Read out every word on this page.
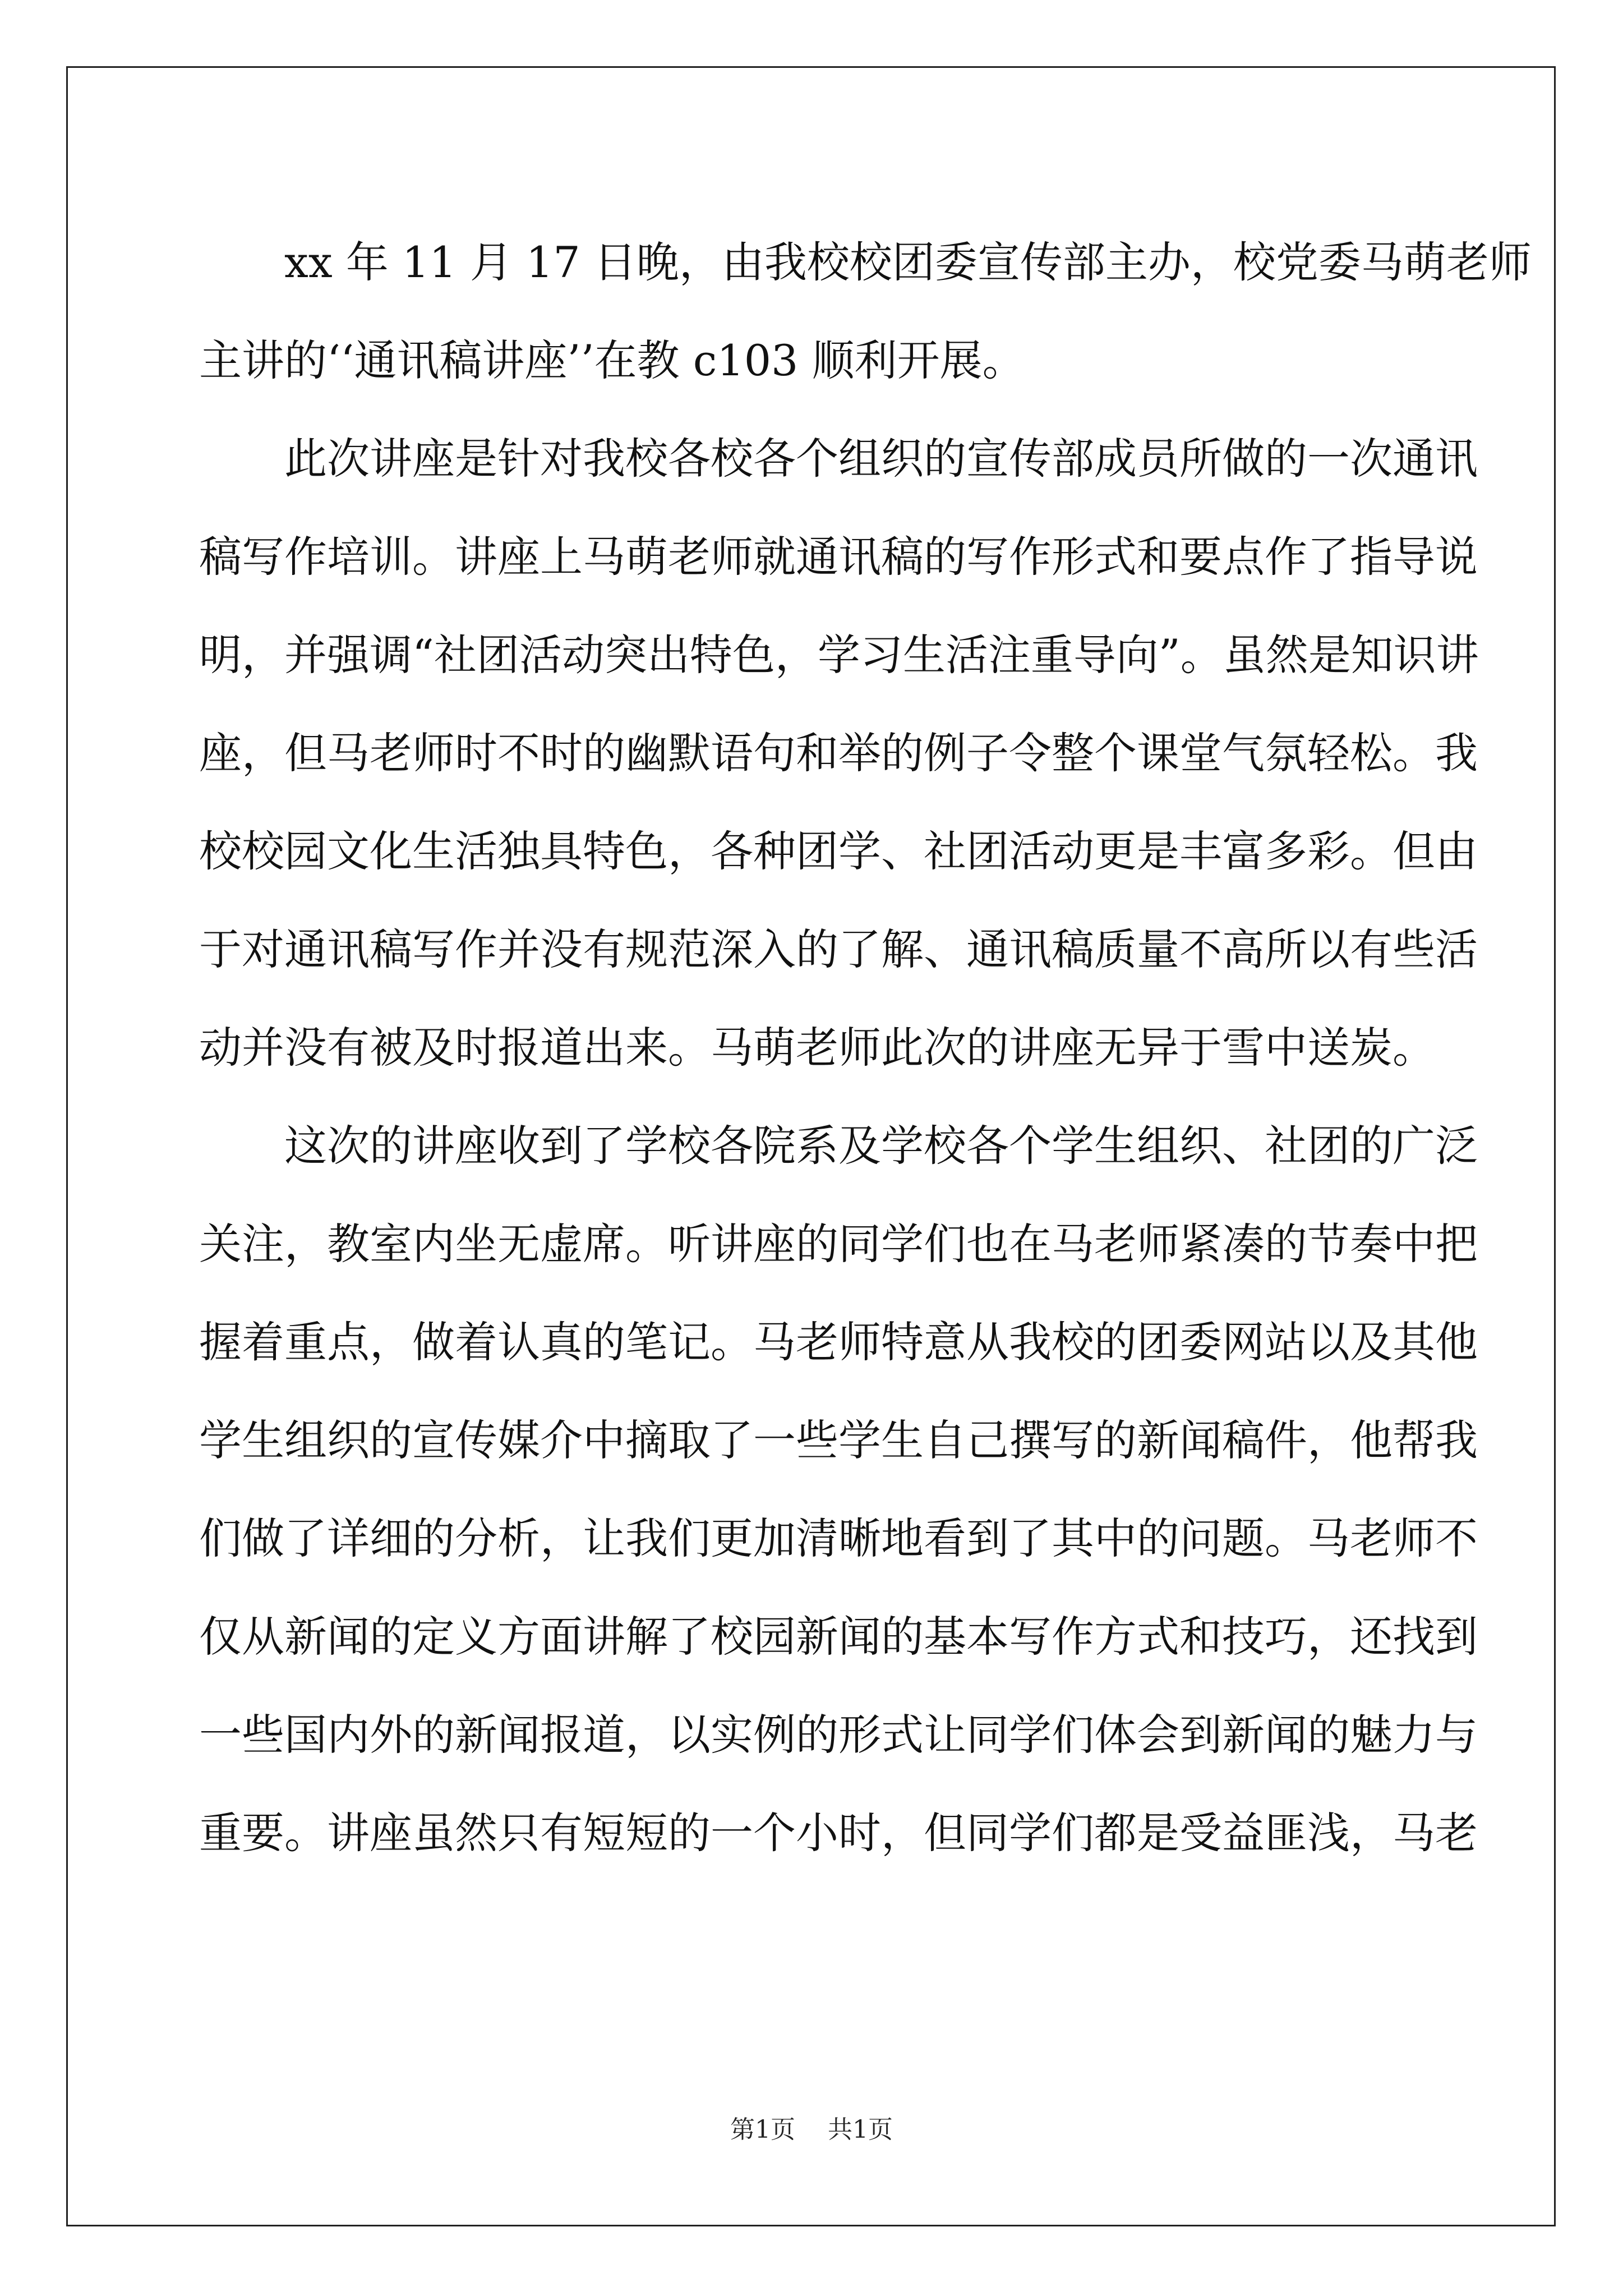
xx 年 11 月 17 日晚，由我校校团委宣传部主办，校党委马萌老师
主讲的‘‘通讯稿讲座’’在教 c103 顺利开展。
此次讲座是针对我校各校各个组织的宣传部成员所做的一次通讯
稿写作培训。讲座上马萌老师就通讯稿的写作形式和要点作了指导说
明，并强调“社团活动突出特色，学习生活注重导向”。虽然是知识讲
座，但马老师时不时的幽默语句和举的例子令整个课堂气氛轻松。我
校校园文化生活独具特色，各种团学、社团活动更是丰富多彩。但由
于对通讯稿写作并没有规范深入的了解、通讯稿质量不高所以有些活
动并没有被及时报道出来。马萌老师此次的讲座无异于雪中送炭。
这次的讲座收到了学校各院系及学校各个学生组织、社团的广泛
关注，教室内坐无虚席。听讲座的同学们也在马老师紧凑的节奏中把
握着重点，做着认真的笔记。马老师特意从我校的团委网站以及其他
学生组织的宣传媒介中摘取了一些学生自己撰写的新闻稿件，他帮我
们做了详细的分析，让我们更加清晰地看到了其中的问题。马老师不
仅从新闻的定义方面讲解了校园新闻的基本写作方式和技巧，还找到
一些国内外的新闻报道，以实例的形式让同学们体会到新闻的魅力与
重要。讲座虽然只有短短的一个小时，但同学们都是受益匪浅，马老
第1页 共1页
